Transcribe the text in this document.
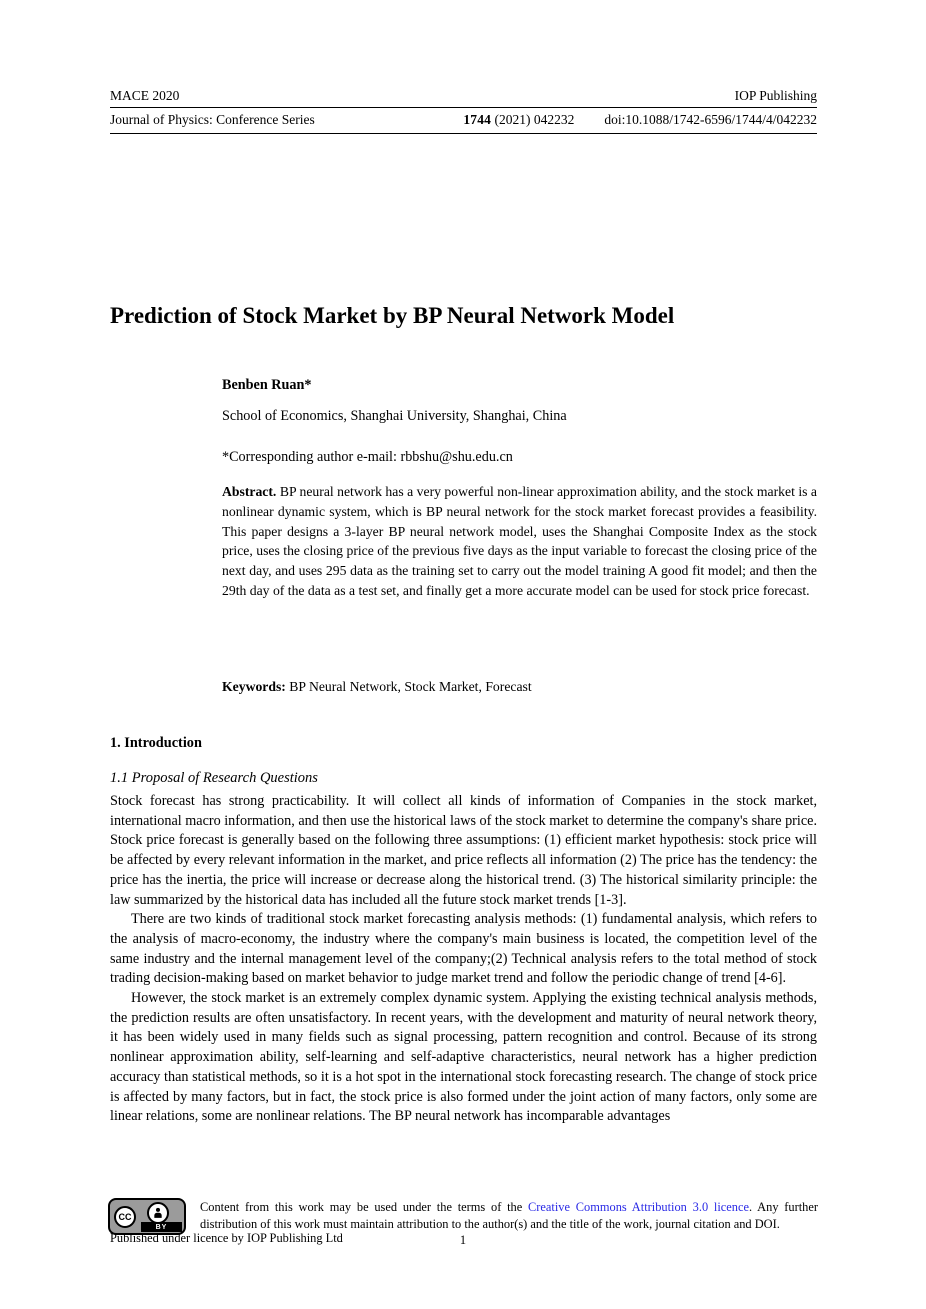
MACE 2020	IOP Publishing
Journal of Physics: Conference Series	1744 (2021) 042232 doi:10.1088/1742-6596/1744/4/042232
Prediction of Stock Market by BP Neural Network Model

Benben Ruan*

School of Economics, Shanghai University, Shanghai, China

*Corresponding author e-mail: rbbshu@shu.edu.cn

Abstract. BP neural network has a very powerful non-linear approximation ability, and the stock market is a nonlinear dynamic system, which is BP neural network for the stock market forecast provides a feasibility. This paper designs a 3-layer BP neural network model, uses the Shanghai Composite Index as the stock price, uses the closing price of the previous five days as the input variable to forecast the closing price of the next day, and uses 295 data as the training set to carry out the model training A good fit model; and then the 29th day of the data as a test set, and finally get a more accurate model can be used for stock price forecast.

Keywords: BP Neural Network, Stock Market, Forecast

1. Introduction
1.1 Proposal of Research Questions

Stock forecast has strong practicability. It will collect all kinds of information of Companies in the stock market, international macro information, and then use the historical laws of the stock market to determine the company's share price. Stock price forecast is generally based on the following three assumptions: (1) efficient market hypothesis: stock price will be affected by every relevant information in the market, and price reflects all information (2) The price has the tendency: the price has the inertia, the price will increase or decrease along the historical trend. (3) The historical similarity principle: the law summarized by the historical data has included all the future stock market trends [1-3].

There are two kinds of traditional stock market forecasting analysis methods: (1) fundamental analysis, which refers to the analysis of macro-economy, the industry where the company's main business is located, the competition level of the same industry and the internal management level of the company;(2) Technical analysis refers to the total method of stock trading decision-making based on market behavior to judge market trend and follow the periodic change of trend [4-6].

However, the stock market is an extremely complex dynamic system. Applying the existing technical analysis methods, the prediction results are often unsatisfactory. In recent years, with the development and maturity of neural network theory, it has been widely used in many fields such as signal processing, pattern recognition and control. Because of its strong nonlinear approximation ability, self-learning and self-adaptive characteristics, neural network has a higher prediction accuracy than statistical methods, so it is a hot spot in the international stock forecasting research. The change of stock price is affected by many factors, but in fact, the stock price is also formed under the joint action of many factors, only some are linear relations, some are nonlinear relations. The BP neural network has incomparable advantages

CC
BY

Content from this work may be used under the terms of the Creative Commons Attribution 3.0 licence. Any further distribution of this work must maintain attribution to the author(s) and the title of the work, journal citation and DOI.

Published under licence by IOP Publishing Ltd	1
